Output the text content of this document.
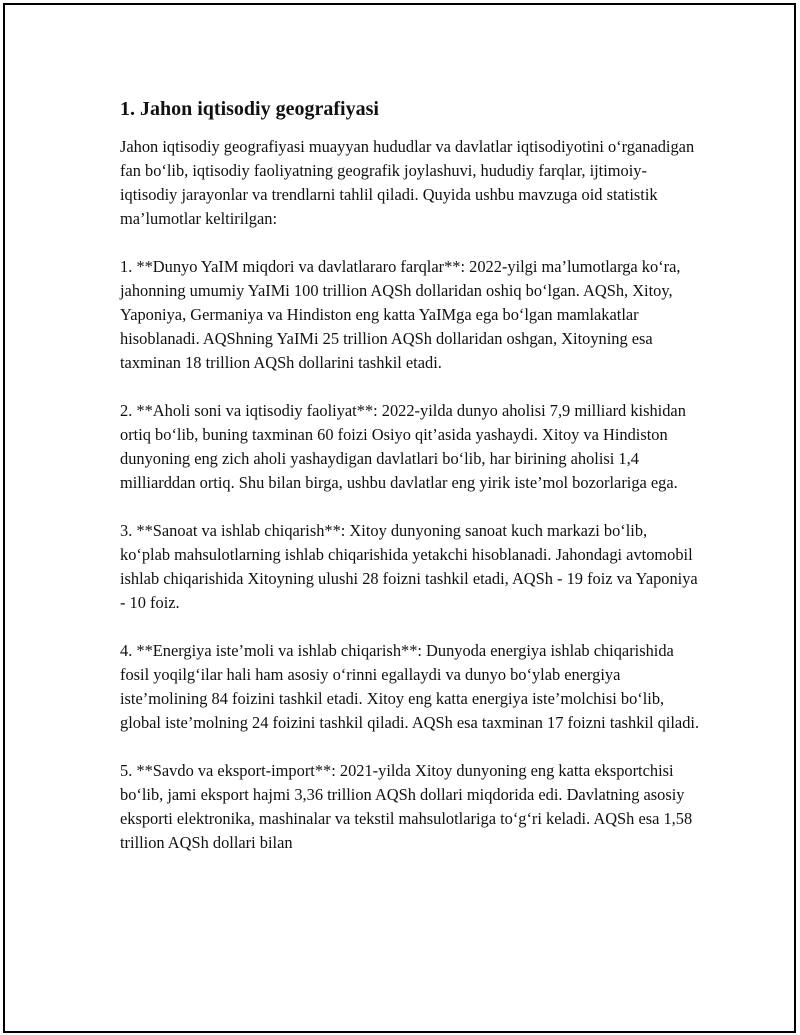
1. Jahon iqtisodiy geografiyasi

Jahon iqtisodiy geografiyasi muayyan hududlar va davlatlar iqtisodiyotini o‘rganadigan fan bo‘lib, iqtisodiy faoliyatning geografik joylashuvi, hududiy farqlar, ijtimoiy-iqtisodiy jarayonlar va trendlarni tahlil qiladi. Quyida ushbu mavzuga oid statistik ma’lumotlar keltirilgan:

1. **Dunyo YaIM miqdori va davlatlararo farqlar**: 2022-yilgi ma’lumotlarga ko‘ra, jahonning umumiy YaIMi 100 trillion AQSh dollaridan oshiq bo‘lgan. AQSh, Xitoy, Yaponiya, Germaniya va Hindiston eng katta YaIMga ega bo‘lgan mamlakatlar hisoblanadi. AQShning YaIMi 25 trillion AQSh dollaridan oshgan, Xitoyning esa taxminan 18 trillion AQSh dollarini tashkil etadi.

2. **Aholi soni va iqtisodiy faoliyat**: 2022-yilda dunyo aholisi 7,9 milliard kishidan ortiq bo‘lib, buning taxminan 60 foizi Osiyo qit’asida yashaydi. Xitoy va Hindiston dunyoning eng zich aholi yashaydigan davlatlari bo‘lib, har birining aholisi 1,4 milliarddan ortiq. Shu bilan birga, ushbu davlatlar eng yirik iste’mol bozorlariga ega.

3. **Sanoat va ishlab chiqarish**: Xitoy dunyoning sanoat kuch markazi bo‘lib, ko‘plab mahsulotlarning ishlab chiqarishida yetakchi hisoblanadi. Jahondagi avtomobil ishlab chiqarishida Xitoyning ulushi 28 foizni tashkil etadi, AQSh - 19 foiz va Yaponiya - 10 foiz.

4. **Energiya iste’moli va ishlab chiqarish**: Dunyoda energiya ishlab chiqarishida fosil yoqilg‘ilar hali ham asosiy o‘rinni egallaydi va dunyo bo‘ylab energiya iste’molining 84 foizini tashkil etadi. Xitoy eng katta energiya iste’molchisi bo‘lib, global iste’molning 24 foizini tashkil qiladi. AQSh esa taxminan 17 foizni tashkil qiladi.

5. **Savdo va eksport-import**: 2021-yilda Xitoy dunyoning eng katta eksportchisi bo‘lib, jami eksport hajmi 3,36 trillion AQSh dollari miqdorida edi. Davlatning asosiy eksporti elektronika, mashinalar va tekstil mahsulotlariga to‘g‘ri keladi. AQSh esa 1,58 trillion AQSh dollari bilan
